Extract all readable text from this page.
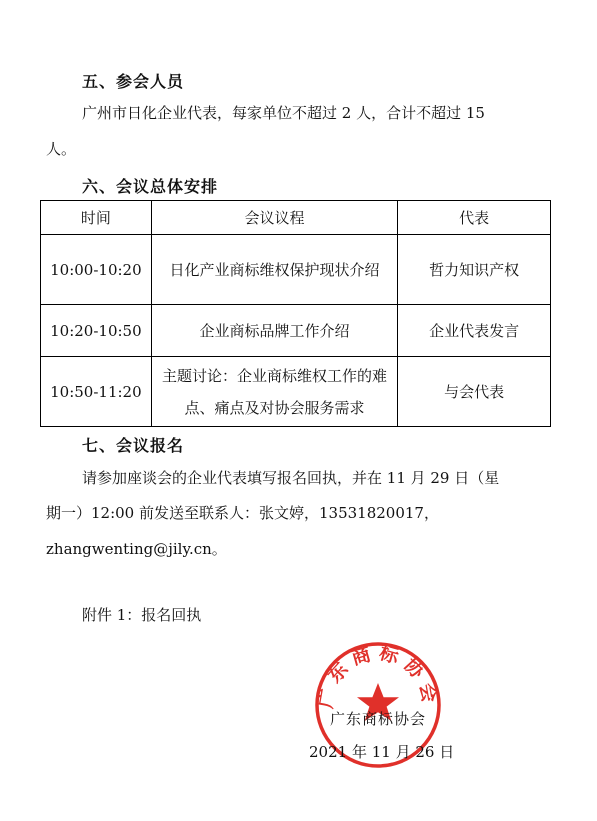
五、参会人员

广州市日化企业代表，每家单位不超过 2 人，合计不超过 15

人。

六、会议总体安排
时间	会议议程	代表
10:00-10:20	日化产业商标维权保护现状介绍	哲力知识产权
10:20-10:50	企业商标品牌工作介绍	企业代表发言
10:50-11:20	主题讨论：企业商标维权工作的难点、痛点及对协会服务需求	与会代表
七、会议报名

请参加座谈会的企业代表填写报名回执，并在 11 月 29 日（星

期一）12:00 前发送至联系人：张文婷，13531820017，

zhangwenting@jily.cn。

附件 1：报名回执

广东商标协会

广东商标协会

2021 年 11 月 26 日
